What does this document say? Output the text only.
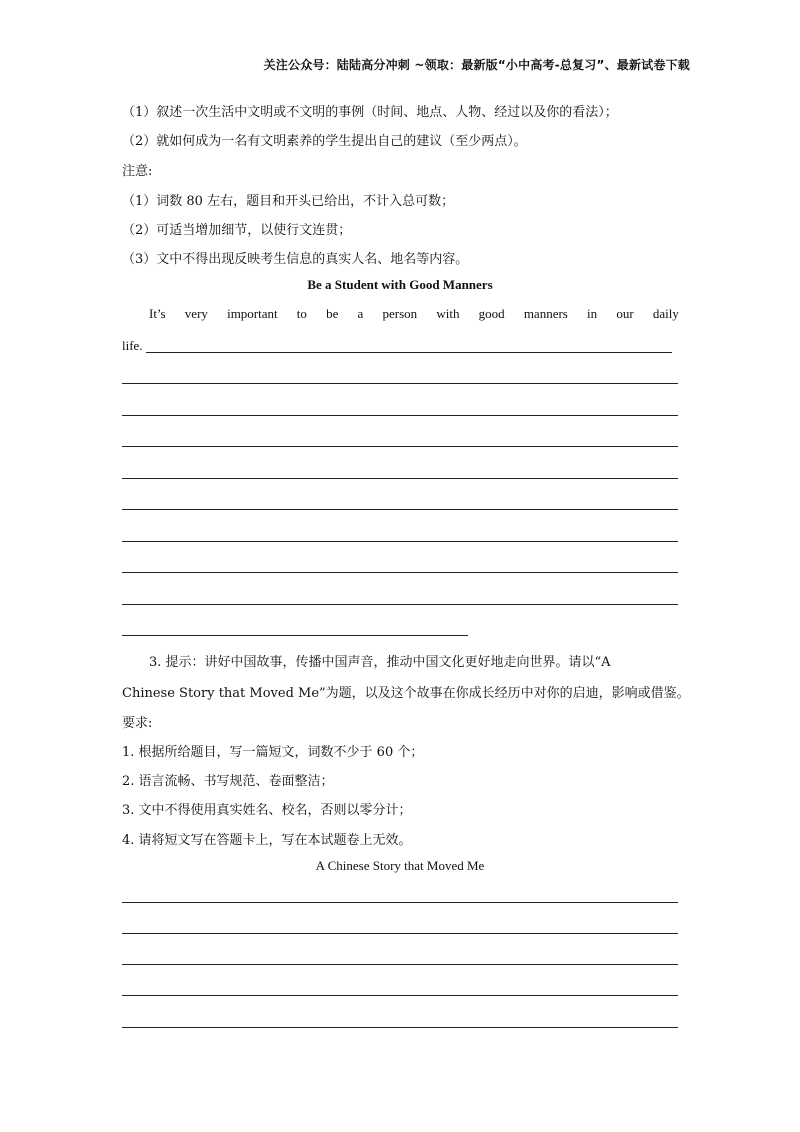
关注公众号：陆陆高分冲刺 ~领取：最新版“小中高考-总复习”、最新试卷下载
（1）叙述一次生活中文明或不文明的事例（时间、地点、人物、经过以及你的看法）；
（2）就如何成为一名有文明素养的学生提出自己的建议（至少两点）。
注意:
（1）词数 80 左右，题目和开头已给出，不计入总可数；
（2）可适当增加细节，以使行文连贯；
（3）文中不得出现反映考生信息的真实人名、地名等内容。
Be a Student with Good Manners
It’s very important to be a person with good manners in our daily
life.
3. 提示：讲好中国故事，传播中国声音，推动中国文化更好地走向世界。请以“A
Chinese Story that Moved Me”为题，以及这个故事在你成长经历中对你的启迪，影响或借鉴。
要求:
1. 根据所给题目，写一篇短文，词数不少于 60 个；
2. 语言流畅、书写规范、卷面整洁；
3. 文中不得使用真实姓名、校名，否则以零分计；
4. 请将短文写在答题卡上，写在本试题卷上无效。
A Chinese Story that Moved Me
